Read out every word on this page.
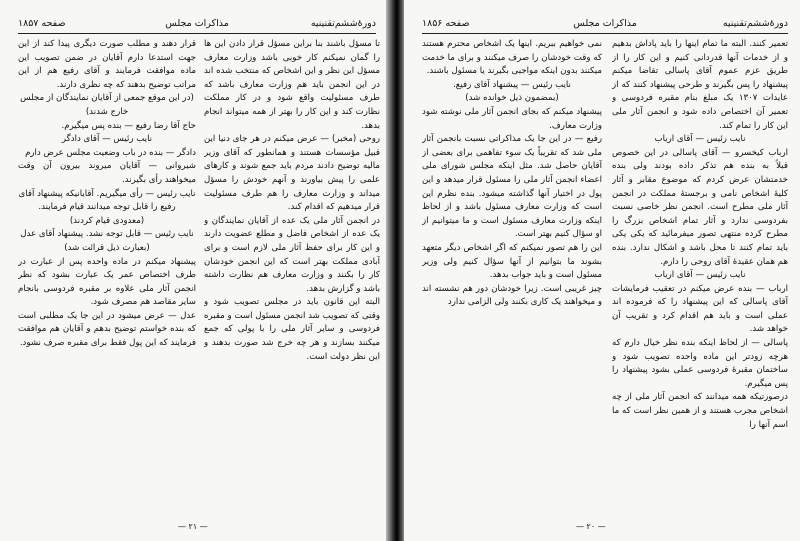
دورهٔ‌ششم‌تقنینیه
مذاکرات مجلس
صفحه ۱۸۵۷

تا مسؤل باشند بنا براین مسؤل قرار دادن این ها را گمان نمیکنم کار خوبی باشد وزارت معارف مسؤل این نظر و این اشخاص که منتخب شده اند در این انجمن باید هم وزارت معارف باشد که طرف مسئولیت واقع شود و در کار مملکت نظارت کند و این کار را بهتر از همه میتواند انجام بدهد.

روحی (مخبر) — عرض میکنم در هر جای دنیا این قبیل مؤسسات هستند و همانطور که آقای وزیر مالیه توضیح دادند مردم باید جمع شوند و کارهای علمی را پیش بیاورند و آنهم خودش را مسؤل میداند و وزارت معارف را هم طرف مسئولیت قرار میدهیم که اقدام کند.

در انجمن آثار ملی یک عده از آقایان نمایندگان و یک عده از اشخاص فاضل و مطلع عضویت دارند و این کار برای حفظ آثار ملی لازم است و برای آبادی مملکت بهتر است که این انجمن خودشان کار را بکنند و وزارت معارف هم نظارت داشته باشد و گزارش بدهد.

البته این قانون باید در مجلس تصویب شود و وقتی که تصویب شد انجمن مسئول است و مقبره فردوسی و سایر آثار ملی را با پولی که جمع میکنند بسازند و هر چه خرج شد صورت بدهند و این نظر دولت است.

قرار دهند و مطلب صورت دیگری پیدا کند از این جهت استدعا دارم آقایان در ضمن تصویب این ماده موافقت فرمایند و آقای رفیع هم از این مراتب توضیح بدهند که چه نظری دارند.

(در این موقع جمعی از آقایان نمایندگان از مجلس خارج شدند)

حاج آقا رضا رفیع — بنده پس میگیرم.

نایب رئیس — آقای دادگر

دادگر — بنده در باب وضعیت مجلس عرض دارم

شیروانی — آقایان میروند بیرون آن وقت میخواهند رأی بگیرند.

نایب رئیس — رأی میگیریم. آقایانیکه پیشنهاد آقای رفیع را قابل توجه میدانند قیام فرمایند.

(معدودی قیام کردند)

نایب رئیس — قابل توجه نشد. پیشنهاد آقای عدل

(بعبارت ذیل قرائت شد)

پیشنهاد میکنم در ماده واحده پس از عبارت در طرف اختصاص عمر یک عبارت بشود که نظر انجمن آثار ملی علاوه بر مقبره فردوسی بانجام سایر مقاصد هم مصرف شود.

عدل — عرض میشود در این جا یک مطلبی است که بنده خواستم توضیح بدهم و آقایان هم موافقت فرمایند که این پول فقط برای مقبره صرف نشود.

— ۲۱ —
دورهٔ‌ششم‌تقنینیه
مذاکرات مجلس
صفحه ۱۸۵۶

تعمیر کنند. البته ما تمام اینها را باید پاداش بدهیم و از خدمات آنها قدردانی کنیم و این کار را از طریق عزم عموم آقای پاسالی تقاضا میکنم پیشنهاد را پس بگیرند و طرحی پیشنهاد کنند که از عایدات ۱۳۰۷ یک مبلغ بنام مقبره فردوسی و تعمیر آن اختصاص داده شود و انجمن آثار ملی این کار را تمام کند.

نایب رئیس — آقای ارباب

ارباب کیخسرو — آقای پاسالی در این خصوص قبلاً به بنده هم تذکر داده بودند ولی بنده خدمتشان عرض کردم که موضوع مقابر و آثار کلیهٔ اشخاص نامی و برجستهٔ مملکت در انجمن آثار ملی مطرح است. انجمن نظر خاصی نسبت بفردوسی ندارد و آثار تمام اشخاص بزرگ را مطرح کرده منتهی تصور میفرمائید که یکی یکی باید تمام کنند تا محل باشد و اشکال ندارد. بنده هم همان عقیدهٔ آقای روحی را دارم.

نایب رئیس — آقای ارباب

ارباب — بنده عرض میکنم در تعقیب فرمایشات آقای پاسالی که این پیشنهاد را که فرموده اند عملی است و باید هم اقدام کرد و تقریب آن خواهد شد.

پاسالی — از لحاظ اینکه بنده نظر خیال دارم که هرچه زودتر این ماده واحده تصویب شود و ساختمان مقبرهٔ فردوسی عملی بشود پیشنهاد را پس میگیرم.

درصورتیکه همه میدانند که انجمن آثار ملی از چه اشخاص مجرب هستند و از همین نظر است که ما اسم آنها را

نمی خواهیم ببریم. اینها یک اشخاص محترم هستند که وقت خودشان را صرف میکنند و برای ما خدمت میکنند بدون اینکه مواجبی بگیرند یا مسئول باشند.

نایب رئیس — پیشنهاد آقای رفیع.

(بمضمون ذیل خوانده شد)

پیشنهاد میکنم که بجای انجمن آثار ملی نوشته شود وزارت معارف.

رفیع — در این جا یک مذاکراتی نسبت بانجمن آثار ملی شد که تقریباً یک سوء تفاهمی برای بعضی از آقایان حاصل شد. مثل اینکه مجلس شورای ملی اعضاء انجمن آثار ملی را مسئول قرار میدهد و این پول در اختیار آنها گذاشته میشود. بنده نظرم این است که وزارت معارف مسئول باشد و از لحاظ اینکه وزارت معارف مسئول است و ما میتوانیم از او سؤال کنیم بهتر است.

این را هم تصور نمیکنم که اگر اشخاص دیگر متعهد بشوند ما بتوانیم از آنها سؤال کنیم ولی وزیر مسئول است و باید جواب بدهد.

چیز غریبی است. زیرا خودشان دور هم نشسته اند و میخواهند یک کاری بکنند ولی الزامی ندارد

— ۲۰ —
